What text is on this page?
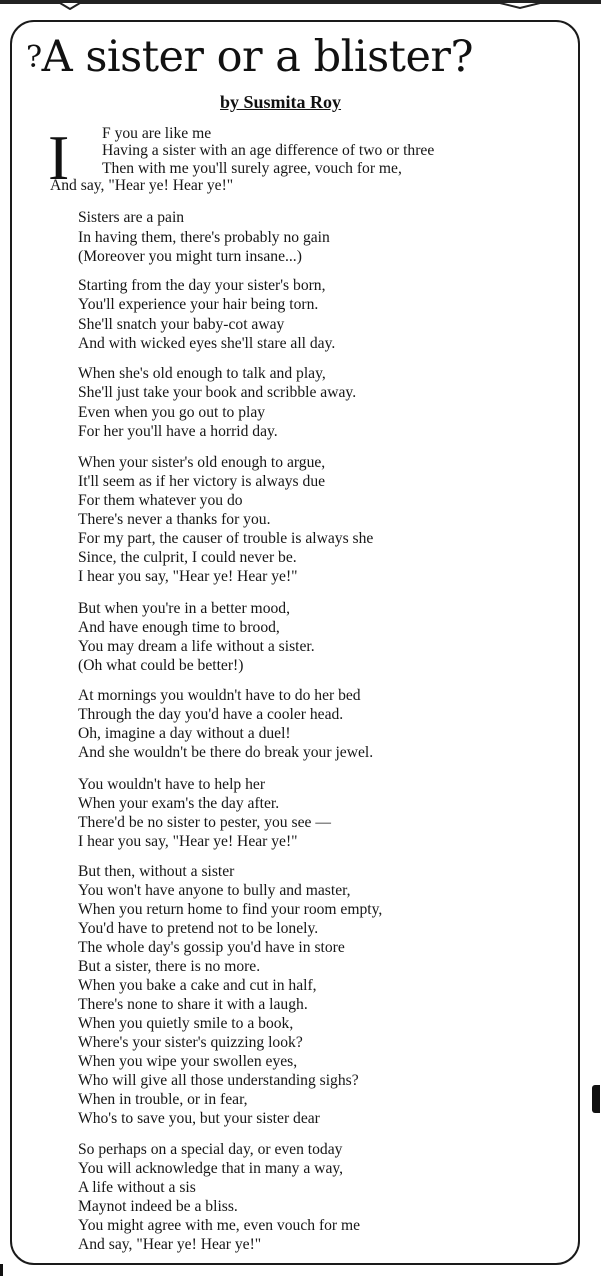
?A sister or a blister?
by Susmita Roy
I F you are like me
Having a sister with an age difference of two or three
Then with me you'll surely agree, vouch for me,
And say, "Hear ye! Hear ye!"
Sisters are a pain
In having them, there's probably no gain
(Moreover you might turn insane...)
Starting from the day your sister's born,
You'll experience your hair being torn.
She'll snatch your baby-cot away
And with wicked eyes she'll stare all day.
When she's old enough to talk and play,
She'll just take your book and scribble away.
Even when you go out to play
For her you'll have a horrid day.
When your sister's old enough to argue,
It'll seem as if her victory is always due
For them whatever you do
There's never a thanks for you.
For my part, the causer of trouble is always she
Since, the culprit, I could never be.
I hear you say, "Hear ye! Hear ye!"
But when you're in a better mood,
And have enough time to brood,
You may dream a life without a sister.
(Oh what could be better!)
At mornings you wouldn't have to do her bed
Through the day you'd have a cooler head.
Oh, imagine a day without a duel!
And she wouldn't be there do break your jewel.
You wouldn't have to help her
When your exam's the day after.
There'd be no sister to pester, you see —
I hear you say, "Hear ye! Hear ye!"
But then, without a sister
You won't have anyone to bully and master,
When you return home to find your room empty,
You'd have to pretend not to be lonely.
The whole day's gossip you'd have in store
But a sister, there is no more.
When you bake a cake and cut in half,
There's none to share it with a laugh.
When you quietly smile to a book,
Where's your sister's quizzing look?
When you wipe your swollen eyes,
Who will give all those understanding sighs?
When in trouble, or in fear,
Who's to save you, but your sister dear
So perhaps on a special day, or even today
You will acknowledge that in many a way,
A life without a sis
Maynot indeed be a bliss.
You might agree with me, even vouch for me
And say, "Hear ye! Hear ye!"
